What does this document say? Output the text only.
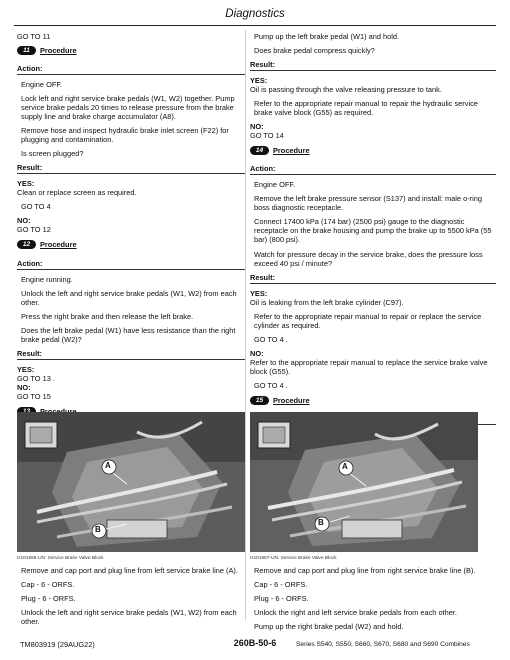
Diagnostics
GO TO 11
11	Procedure
Action:
Engine OFF.
Lock left and right service brake pedals (W1, W2) together. Pump service brake pedals 20 times to release pressure from the brake supply line and brake charge accumulator (A8).
Remove hose and inspect hydraulic brake inlet screen (F22) for plugging and contamination.
Is screen plugged?
Result:
YES:
Clean or replace screen as required.
GO TO 4
NO:
GO TO 12
12	Procedure
Action:
Engine running.
Unlock the left and right service brake pedals (W1, W2) from each other.
Press the right brake and then release the left brake.
Does the left brake pedal (W1) have less resistance than the right brake pedal (W2)?
Result:
YES:
GO TO 13 .
NO:
GO TO 15
A
B
H101655-UN: Service Brake Valve Block
Remove and cap port and plug line from left service brake line (A).
Cap - 6 - ORFS.
Plug - 6 - ORFS.
Unlock the left and right service brake pedals (W1, W2) from each other.
Pump up the left brake pedal (W1) and hold.
Does brake pedal compress quickly?
Result:
YES:
Oil is passing through the valve releasing pressure to tank.
Refer to the appropriate repair manual to repair the hydraulic service brake valve block (G55) as required.
NO:
GO TO 14
14	Procedure
Action:
Engine OFF.
Remove the left brake pressure sensor (S137) and install: male o-ring boss diagnostic receptacle.
Connect 17400 kPa (174 bar) (2500 psi) gauge to the diagnostic receptacle on the brake housing and pump the brake up to 5500 kPa (55 bar) (800 psi).
Watch for pressure decay in the service brake, does the pressure loss exceed 40 psi / minute?
Result:
YES:
Oil is leaking from the left brake cylinder (C97).
Refer to the appropriate repair manual to repair or replace the service cylinder as required.
GO TO 4 .
NO:
Refer to the appropriate repair manual to replace the service brake valve block (G55).
GO TO 4 .
15	Procedure
A
B
H101657-UN: Service Brake Valve Block
Remove and cap port and plug line from right service brake line (B).
Cap - 6 - ORFS.
Plug - 6 - ORFS.
Unlock the right and left service brake pedals from each other.
Pump up the right brake pedal (W2) and hold.
TM803919 (29AUG22)	260B-50-6	Series S540, S550, S660, S670, S680 and S690 Combines
